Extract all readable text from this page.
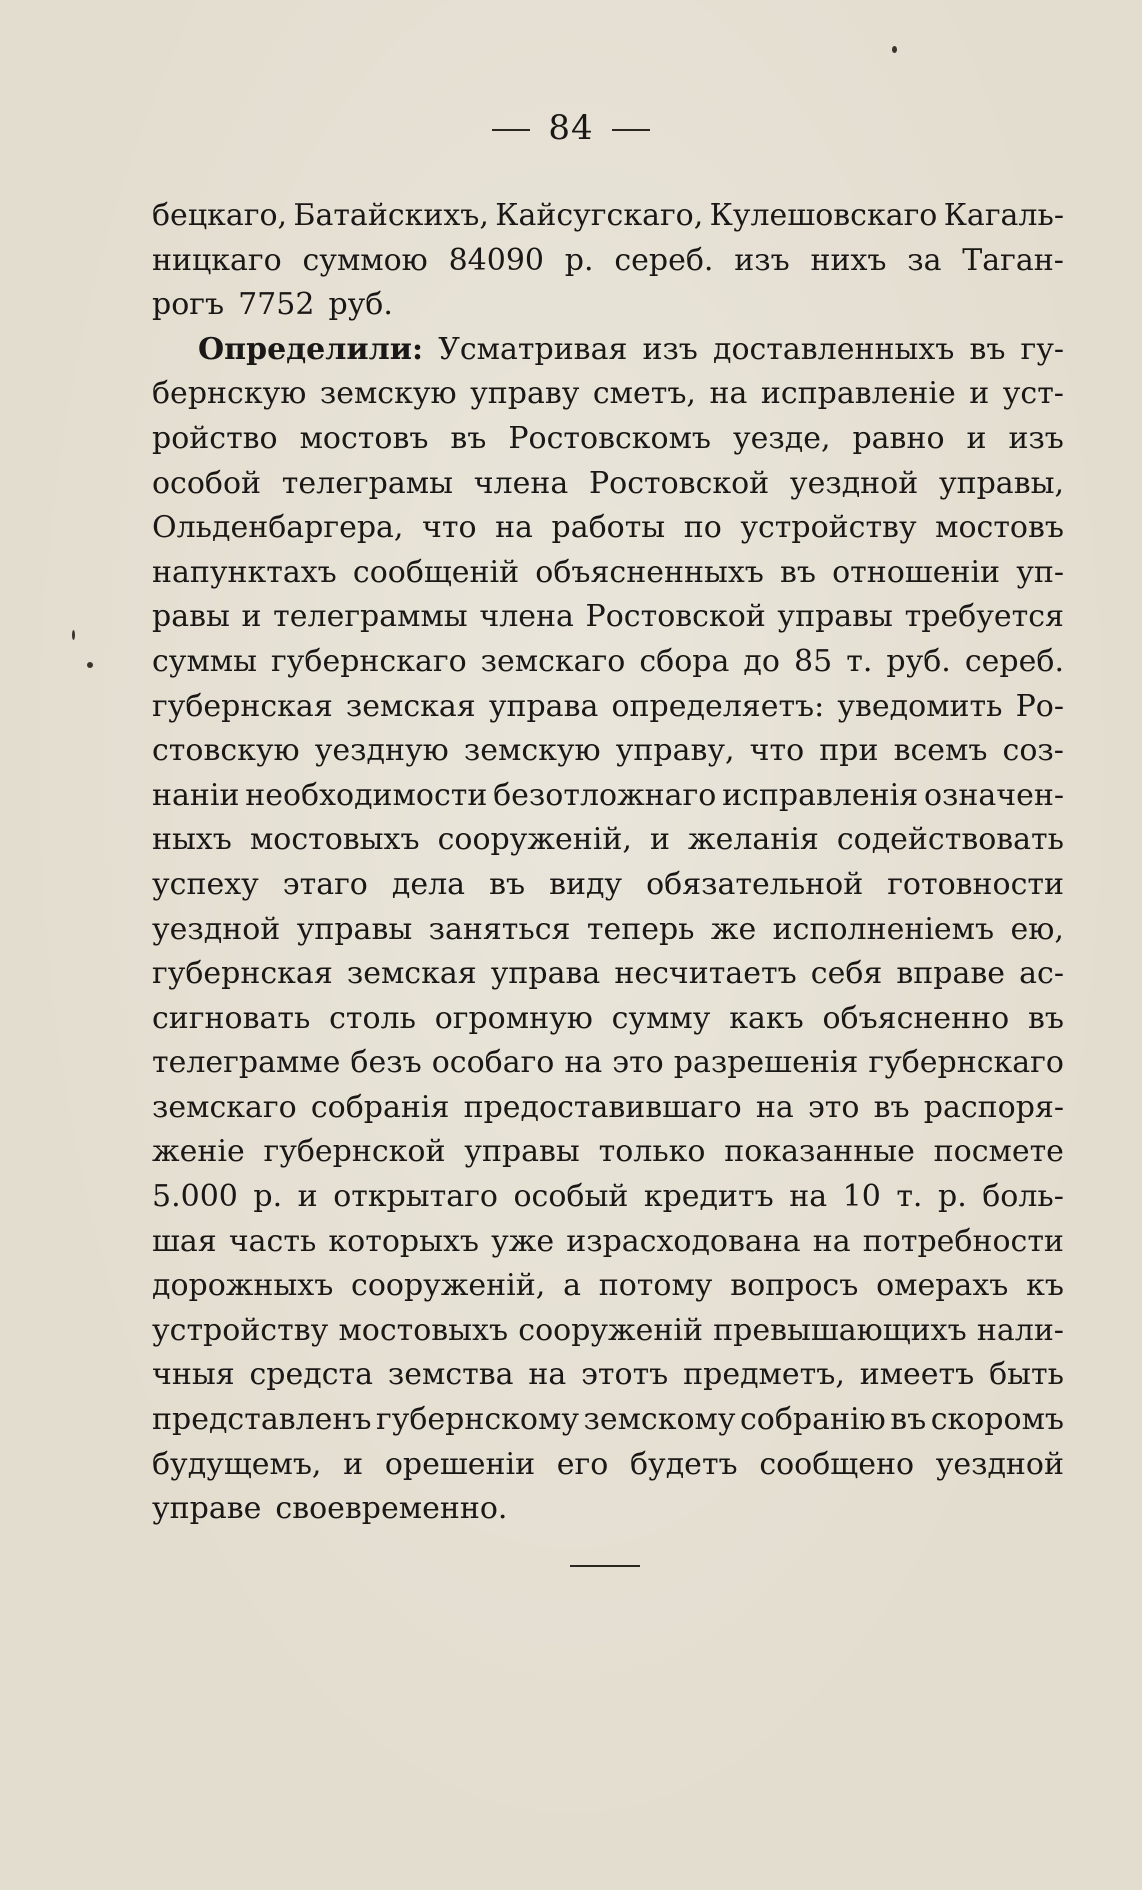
84
бецкаго, Батайскихъ, Кайсугскаго, Кулешовскаго Кагаль-
ницкаго суммою 84090 р. сереб. изъ нихъ за Таган-
рогъ 7752 руб.
Определили: Усматривая изъ доставленныхъ въ гу-
бернскую земскую управу сметъ, на исправленіе и уст-
ройство мостовъ въ Ростовскомъ уезде, равно и изъ
особой телеграмы члена Ростовской уездной управы,
Ольденбаргера, что на работы по устройству мостовъ
напунктахъ сообщеній объясненныхъ въ отношеніи уп-
равы и телеграммы члена Ростовской управы требуется
суммы губернскаго земскаго сбора до 85 т. руб. сереб.
губернская земская управа определяетъ: уведомить Ро-
стовскую уездную земскую управу, что при всемъ соз-
наніи необходимости безотложнаго исправленія означен-
ныхъ мостовыхъ сооруженій, и желанія содействовать
успеху этаго дела въ виду обязательной готовности
уездной управы заняться теперь же исполненіемъ ею,
губернская земская управа несчитаетъ себя вправе ас-
сигновать столь огромную сумму какъ объясненно въ
телеграмме безъ особаго на это разрешенія губернскаго
земскаго собранія предоставившаго на это въ распоря-
женіе губернской управы только показанные посмете
5.000 р. и открытаго особый кредитъ на 10 т. р. боль-
шая часть которыхъ уже израсходована на потребности
дорожныхъ сооруженій, а потому вопросъ омерахъ къ
устройству мостовыхъ сооруженій превышающихъ нали-
чныя средста земства на этотъ предметъ, имеетъ быть
представленъ губернскому земскому собранію въ скоромъ
будущемъ, и орешеніи его будетъ сообщено уездной
управе своевременно.
